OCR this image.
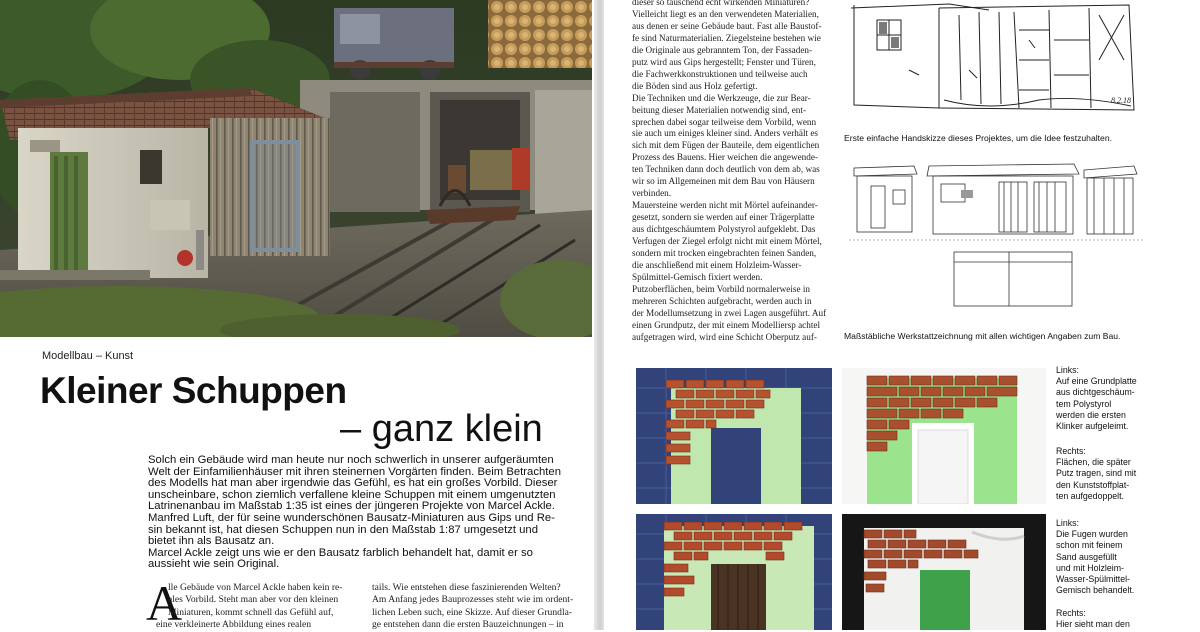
Modellbau – Kunst
Kleiner Schuppen
– ganz klein
Solch ein Gebäude wird man heute nur noch schwerlich in unserer aufgeräumten
Welt der Einfamilienhäuser mit ihren steinernen Vorgärten finden. Beim Betrachten
des Modells hat man aber irgendwie das Gefühl, es hat ein großes Vorbild. Dieser
unscheinbare, schon ziemlich verfallene kleine Schuppen mit einem umgenutzten
Latrinenanbau im Maßstab 1:35 ist eines der jüngeren Projekte von Marcel Ackle.
Manfred Luft, der für seine wunderschönen Bausatz-Miniaturen aus Gips und Re-
sin bekannt ist, hat diesen Schuppen nun in den Maßstab 1:87 umgesetzt und
bietet ihn als Bausatz an.
Marcel Ackle zeigt uns wie er den Bausatz farblich behandelt hat, damit er so
aussieht wie sein Original.
A
lle Gebäude von Marcel Ackle haben kein re-
ales Vorbild. Steht man aber vor den kleinen
Miniaturen, kommt schnell das Gefühl auf,
eine verkleinerte Abbildung eines realen
tails. Wie entstehen diese faszinierenden Welten?
Am Anfang jedes Bauprozesses steht wie im ordent-
lichen Leben such, eine Skizze. Auf dieser Grundla-
ge entstehen dann die ersten Bauzeichnungen – in
dieser so täuschend echt wirkenden Miniaturen?
Vielleicht liegt es an den verwendeten Materialien,
aus denen er seine Gebäude baut. Fast alle Baustof-
fe sind Naturmaterialien. Ziegelsteine bestehen wie
die Originale aus gebranntem Ton, der Fassaden-
putz wird aus Gips hergestellt; Fenster und Türen,
die Fachwerkkonstruktionen und teilweise auch
die Böden sind aus Holz gefertigt.
Die Techniken und die Werkzeuge, die zur Bear-
beitung dieser Materialien notwendig sind, ent-
sprechen dabei sogar teilweise dem Vorbild, wenn
sie auch um einiges kleiner sind. Anders verhält es
sich mit dem Fügen der Bauteile, dem eigentlichen
Prozess des Bauens. Hier weichen die angewende-
ten Techniken dann doch deutlich von dem ab, was
wir so im Allgemeinen mit dem Bau von Häusern
verbinden.
Mauersteine werden nicht mit Mörtel aufeinander-
gesetzt, sondern sie werden auf einer Trägerplatte
aus dichtgeschäumtem Polystyrol aufgeklebt. Das
Verfugen der Ziegel erfolgt nicht mit einem Mörtel,
sondern mit trocken eingebrachten feinen Sanden,
die anschließend mit einem Holzleim-Wasser-
Spülmittel-Gemisch fixiert werden.
Putzoberflächen, beim Vorbild normalerweise in
mehreren Schichten aufgebracht, werden auch in
der Modellumsetzung in zwei Lagen ausgeführt. Auf
einen Grundputz, der mit einem Modelliersp achtel
aufgetragen wird, wird eine Schicht Oberputz auf-
8.2.18
Erste einfache Handskizze dieses Projektes, um die Idee festzuhalten.
Maßstäbliche Werkstattzeichnung mit allen wichtigen Angaben zum Bau.
Links:
Auf eine Grundplatte
aus dichtgeschäum-
tem Polystyrol
werden die ersten
Klinker aufgeleimt.
Rechts:
Flächen, die später
Putz tragen, sind mit
den Kunststoffplat-
ten aufgedoppelt.
Links:
Die Fugen wurden
schon mit feinem
Sand ausgefüllt
und mit Holzleim-
Wasser-Spülmittel-
Gemisch behandelt.
Rechts:
Hier sieht man den
